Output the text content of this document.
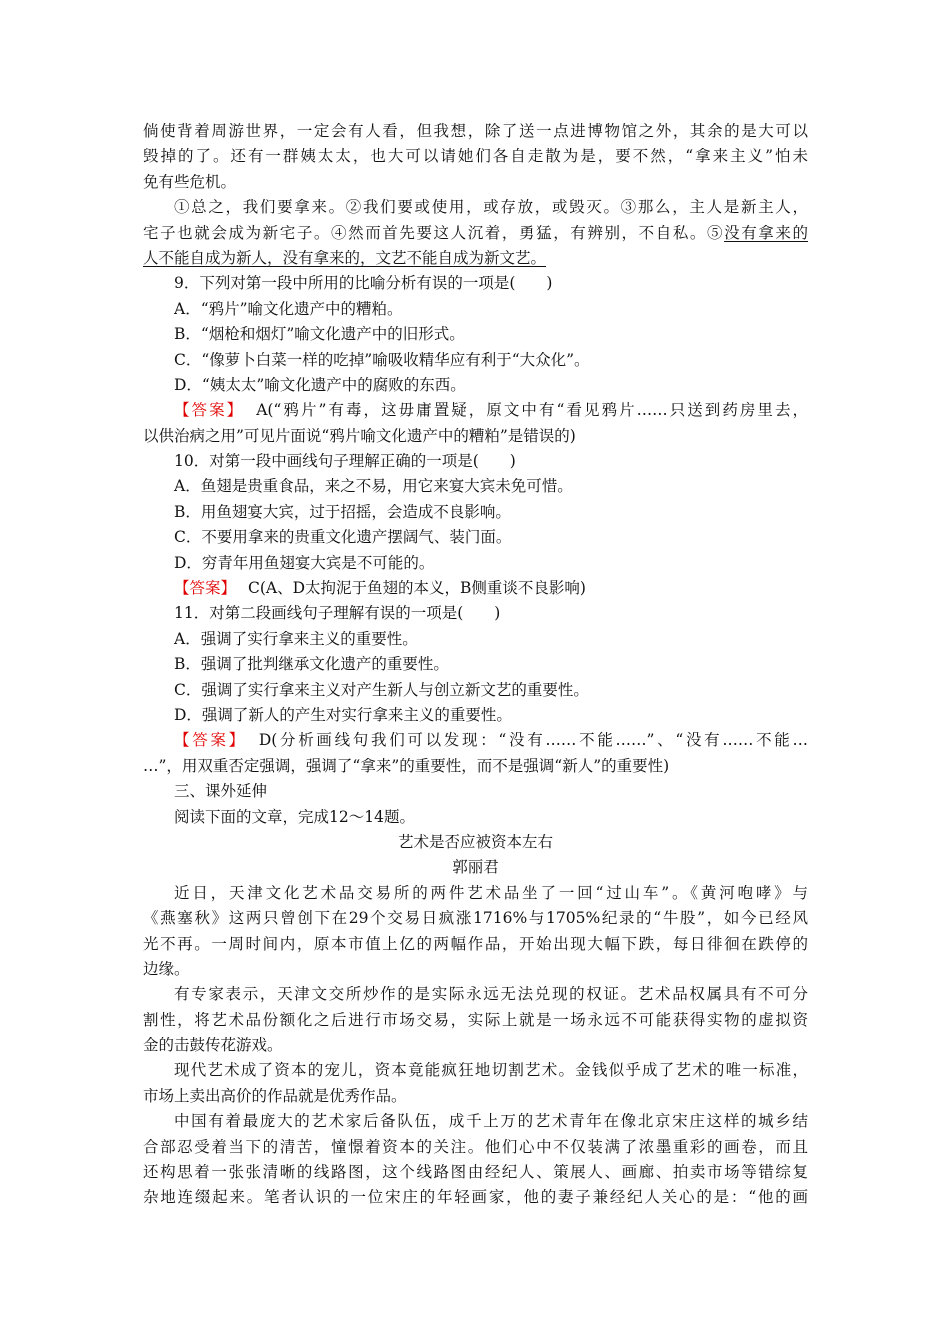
倘使背着周游世界，一定会有人看，但我想，除了送一点进博物馆之外，其余的是大可以
毁掉的了。还有一群姨太太，也大可以请她们各自走散为是，要不然，“拿来主义”怕未
免有些危机。
①总之，我们要拿来。②我们要或使用，或存放，或毁灭。③那么，主人是新主人，
宅子也就会成为新宅子。④然而首先要这人沉着，勇猛，有辨别，不自私。⑤没有拿来的
人不能自成为新人，没有拿来的，文艺不能自成为新文艺。
9．下列对第一段中所用的比喻分析有误的一项是(　　)
A．“鸦片”喻文化遗产中的糟粕。
B．“烟枪和烟灯”喻文化遗产中的旧形式。
C．“像萝卜白菜一样的吃掉”喻吸收精华应有利于“大众化”。
D．“姨太太”喻文化遗产中的腐败的东西。
【答案】 A(“鸦片”有毒，这毋庸置疑，原文中有“看见鸦片……只送到药房里去，
以供治病之用”可见片面说“鸦片喻文化遗产中的糟粕”是错误的)
10．对第一段中画线句子理解正确的一项是(　　)
A．鱼翅是贵重食品，来之不易，用它来宴大宾未免可惜。
B．用鱼翅宴大宾，过于招摇，会造成不良影响。
C．不要用拿来的贵重文化遗产摆阔气、装门面。
D．穷青年用鱼翅宴大宾是不可能的。
【答案】 C(A、D太拘泥于鱼翅的本义，B侧重谈不良影响)
11．对第二段画线句子理解有误的一项是(　　)
A．强调了实行拿来主义的重要性。
B．强调了批判继承文化遗产的重要性。
C．强调了实行拿来主义对产生新人与创立新文艺的重要性。
D．强调了新人的产生对实行拿来主义的重要性。
【答案】 D(分析画线句我们可以发现：“没有……不能……”、“没有……不能…
…”，用双重否定强调，强调了“拿来”的重要性，而不是强调“新人”的重要性)
三、课外延伸
阅读下面的文章，完成12～14题。
艺术是否应被资本左右
郭丽君
近日，天津文化艺术品交易所的两件艺术品坐了一回“过山车”。《黄河咆哮》与
《燕塞秋》这两只曾创下在29个交易日疯涨1716%与1705%纪录的“牛股”，如今已经风
光不再。一周时间内，原本市值上亿的两幅作品，开始出现大幅下跌，每日徘徊在跌停的
边缘。
有专家表示，天津文交所炒作的是实际永远无法兑现的权证。艺术品权属具有不可分
割性，将艺术品份额化之后进行市场交易，实际上就是一场永远不可能获得实物的虚拟资
金的击鼓传花游戏。
现代艺术成了资本的宠儿，资本竟能疯狂地切割艺术。金钱似乎成了艺术的唯一标准，
市场上卖出高价的作品就是优秀作品。
中国有着最庞大的艺术家后备队伍，成千上万的艺术青年在像北京宋庄这样的城乡结
合部忍受着当下的清苦，憧憬着资本的关注。他们心中不仅装满了浓墨重彩的画卷，而且
还构思着一张张清晰的线路图，这个线路图由经纪人、策展人、画廊、拍卖市场等错综复
杂地连缀起来。笔者认识的一位宋庄的年轻画家，他的妻子兼经纪人关心的是：“他的画
